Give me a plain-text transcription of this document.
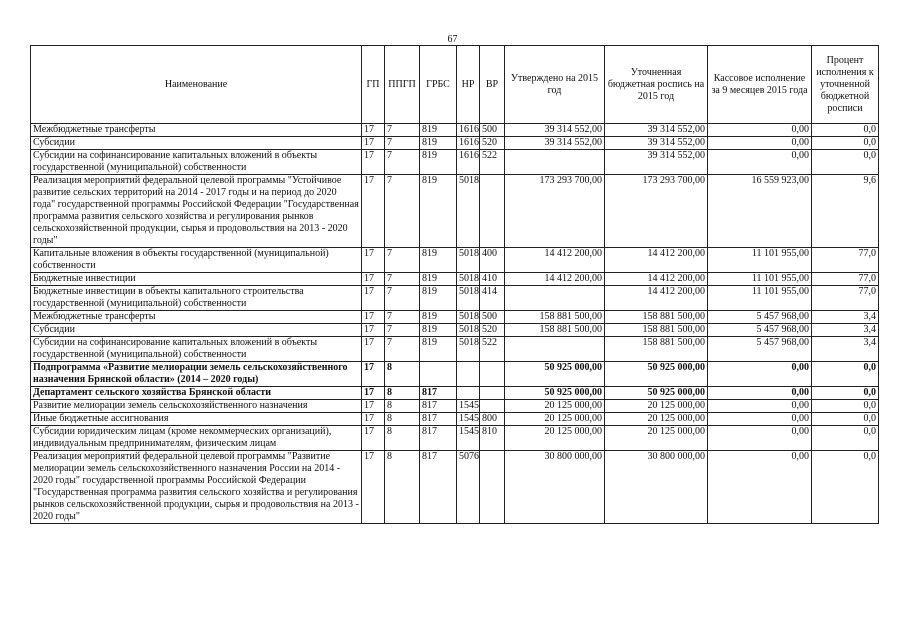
67
Наименование	ГП	ППГП	ГРБС	НР	ВР	Утверждено на 2015 год	Уточненная бюджетная роспись на 2015 год	Кассовое исполнение за 9 месяцев 2015 года	Процент исполнения к уточненной бюджетной росписи
Межбюджетные трансферты	17	7	819	1616	500	39 314 552,00	39 314 552,00	0,00	0,0
Субсидии	17	7	819	1616	520	39 314 552,00	39 314 552,00	0,00	0,0
Субсидии на софинансирование капитальных вложений в объекты государственной (муниципальной) собственности	17	7	819	1616	522		39 314 552,00	0,00	0,0
Реализация мероприятий федеральной целевой программы "Устойчивое развитие сельских территорий на 2014 - 2017 годы и на период до 2020 года" государственной программы Российской Федерации "Государственная программа развития сельского хозяйства и регулирования рынков сельскохозяйственной продукции, сырья и продовольствия на 2013 - 2020 годы"	17	7	819	5018		173 293 700,00	173 293 700,00	16 559 923,00	9,6
Капитальные вложения в объекты государственной (муниципальной) собственности	17	7	819	5018	400	14 412 200,00	14 412 200,00	11 101 955,00	77,0
Бюджетные инвестиции	17	7	819	5018	410	14 412 200,00	14 412 200,00	11 101 955,00	77,0
Бюджетные инвестиции в объекты капитального строительства государственной (муниципальной) собственности	17	7	819	5018	414		14 412 200,00	11 101 955,00	77,0
Межбюджетные трансферты	17	7	819	5018	500	158 881 500,00	158 881 500,00	5 457 968,00	3,4
Субсидии	17	7	819	5018	520	158 881 500,00	158 881 500,00	5 457 968,00	3,4
Субсидии на софинансирование капитальных вложений в объекты государственной (муниципальной) собственности	17	7	819	5018	522		158 881 500,00	5 457 968,00	3,4
Подпрограмма «Развитие мелиорации земель сельскохозяйственного назначения Брянской области» (2014 – 2020 годы)	17	8				50 925 000,00	50 925 000,00	0,00	0,0
Департамент сельского хозяйства Брянской области	17	8	817			50 925 000,00	50 925 000,00	0,00	0,0
Развитие мелиорации земель сельскохозяйственного назначения	17	8	817	1545		20 125 000,00	20 125 000,00	0,00	0,0
Иные бюджетные ассигнования	17	8	817	1545	800	20 125 000,00	20 125 000,00	0,00	0,0
Субсидии юридическим лицам (кроме некоммерческих организаций), индивидуальным предпринимателям, физическим лицам	17	8	817	1545	810	20 125 000,00	20 125 000,00	0,00	0,0
Реализация мероприятий федеральной целевой программы "Развитие мелиорации земель сельскохозяйственного назначения России на 2014 - 2020 годы" государственной программы Российской Федерации "Государственная программа развития сельского хозяйства и регулирования рынков сельскохозяйственной продукции, сырья и продовольствия на 2013 - 2020 годы"	17	8	817	5076		30 800 000,00	30 800 000,00	0,00	0,0
